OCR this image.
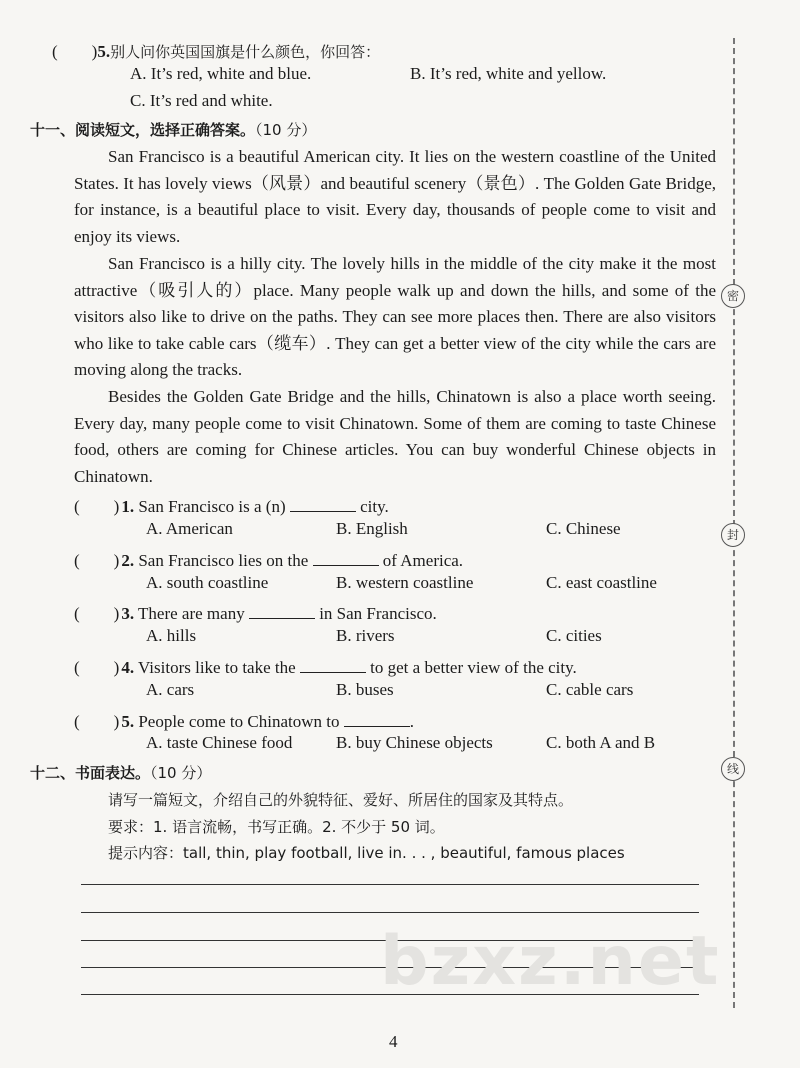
(　　)5.别人问你英国国旗是什么颜色，你回答：
A. It’s red, white and blue.	B. It’s red, white and yellow.
C. It’s red and white.
十一、阅读短文，选择正确答案。（10 分）
San Francisco is a beautiful American city. It lies on the western coastline of the United States. It has lovely views（风景）and beautiful scenery（景色）. The Golden Gate Bridge, for instance, is a beautiful place to visit. Every day, thousands of people come to visit and enjoy its views.
San Francisco is a hilly city. The lovely hills in the middle of the city make it the most attractive（吸引人的）place. Many people walk up and down the hills, and some of the visitors also like to drive on the paths. They can see more places then. There are also visitors who like to take cable cars（缆车）. They can get a better view of the city while the cars are moving along the tracks.
Besides the Golden Gate Bridge and the hills, Chinatown is also a place worth seeing. Every day, many people come to visit Chinatown. Some of them are coming to taste Chinese food, others are coming for Chinese articles. You can buy wonderful Chinese objects in Chinatown.
(　　) 1. San Francisco is a (n)	city.
A. American	B. English	C. Chinese
(　　) 2. San Francisco lies on the	of America.
A. south coastline	B. western coastline	C. east coastline
(　　) 3. There are many	in San Francisco.
A. hills	B. rivers	C. cities
(　　) 4. Visitors like to take the	to get a better view of the city.
A. cars	B. buses	C. cable cars
(　　) 5. People come to Chinatown to	.
A. taste Chinese food	B. buy Chinese objects	C. both A and B
十二、书面表达。（10 分）
请写一篇短文，介绍自己的外貌特征、爱好、所居住的国家及其特点。
要求：1. 语言流畅，书写正确。2. 不少于 50 词。
提示内容：tall, thin, play football, live in. . . , beautiful, famous places
bzxz.net
密
封
线
4
